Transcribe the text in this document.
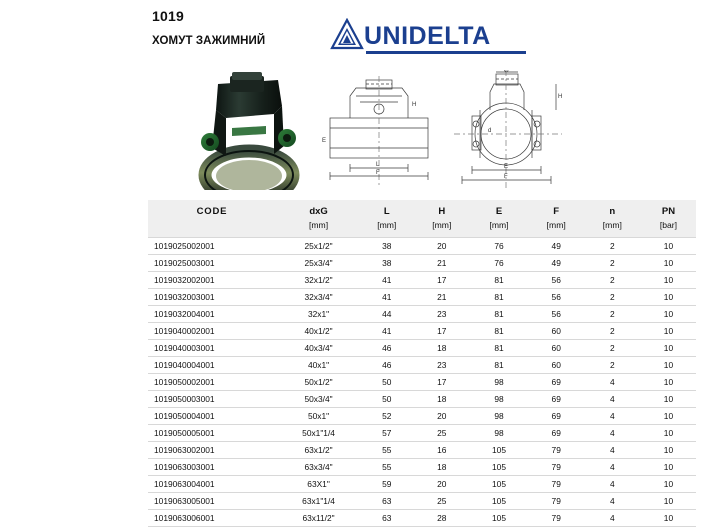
1019
ХОМУТ ЗАЖИМНИЙ	UNIDELTA
L
F
H
E
G
H
d
E
F
CODE	dxG	L	H	E	F	n	PN
	[mm]	[mm]	[mm]	[mm]	[mm]	[mm]	[bar]
1019025002001	25x1/2"	38	20	76	49	2	10
1019025003001	25x3/4"	38	21	76	49	2	10
1019032002001	32x1/2"	41	17	81	56	2	10
1019032003001	32x3/4"	41	21	81	56	2	10
1019032004001	32x1"	44	23	81	56	2	10
1019040002001	40x1/2"	41	17	81	60	2	10
1019040003001	40x3/4"	46	18	81	60	2	10
1019040004001	40x1"	46	23	81	60	2	10
1019050002001	50x1/2"	50	17	98	69	4	10
1019050003001	50x3/4"	50	18	98	69	4	10
1019050004001	50x1"	52	20	98	69	4	10
1019050005001	50x1"1/4	57	25	98	69	4	10
1019063002001	63x1/2"	55	16	105	79	4	10
1019063003001	63x3/4"	55	18	105	79	4	10
1019063004001	63X1"	59	20	105	79	4	10
1019063005001	63x1"1/4	63	25	105	79	4	10
1019063006001	63x11/2"	63	28	105	79	4	10
